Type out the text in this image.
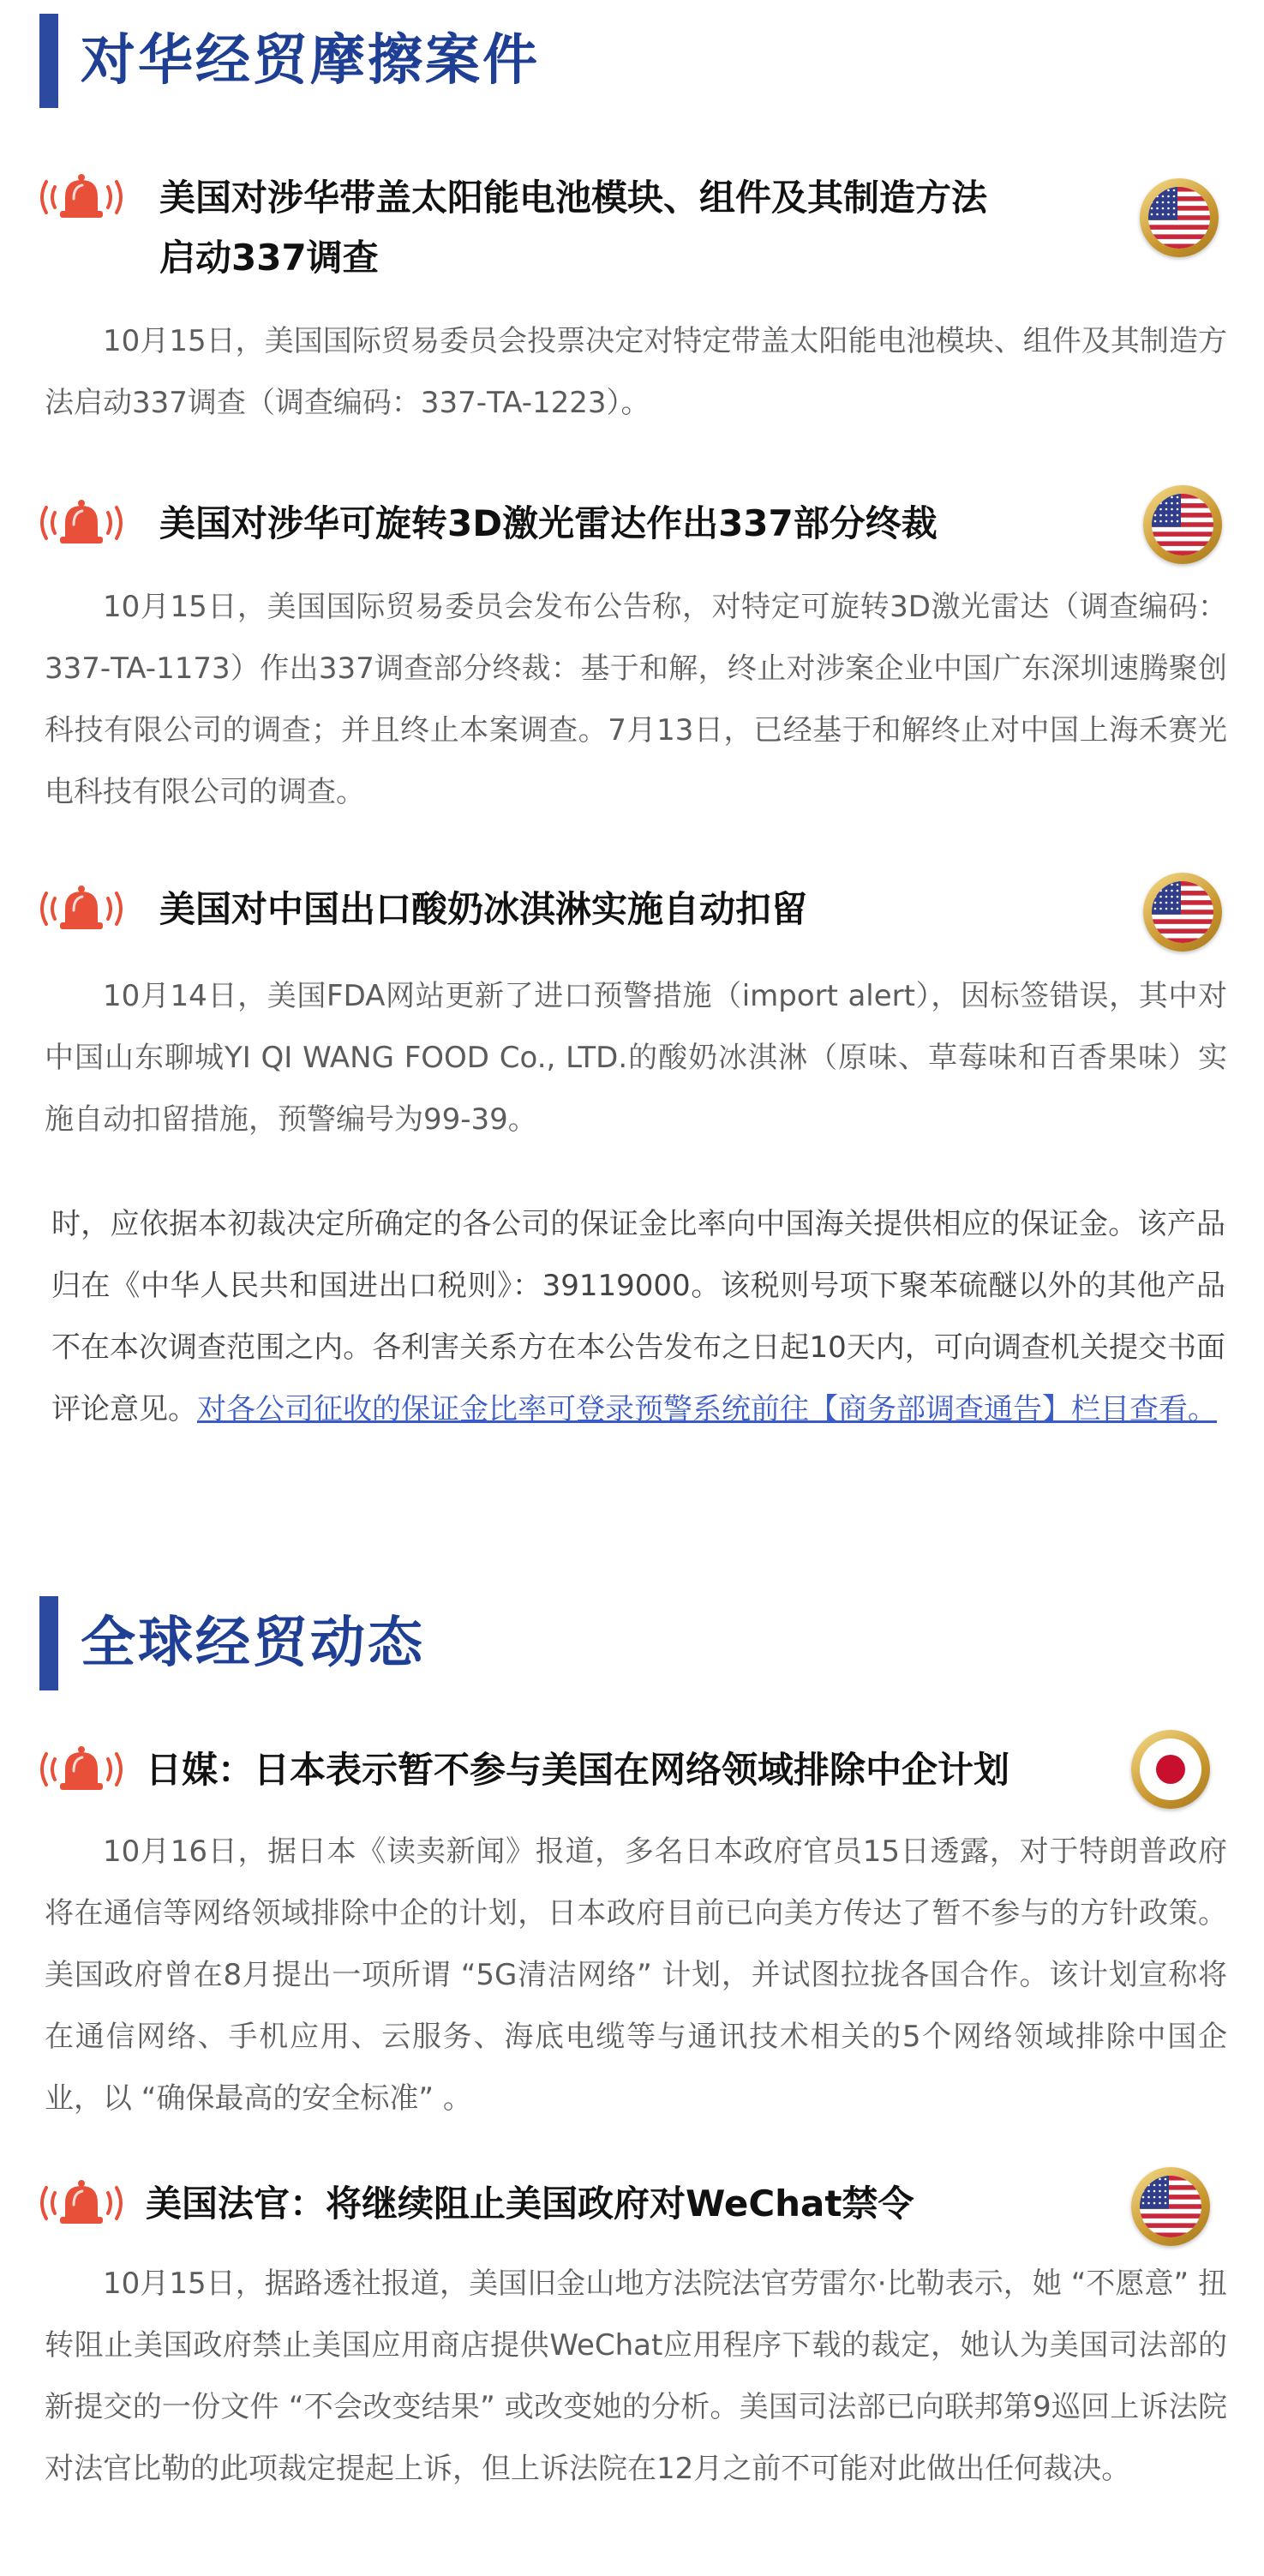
对华经贸摩擦案件
美国对涉华带盖太阳能电池模块、组件及其制造方法
启动337调查
10月15日，美国国际贸易委员会投票决定对特定带盖太阳能电池模块、组件及其制造方法启动337调查（调查编码：337-TA-1223）。
美国对涉华可旋转3D激光雷达作出337部分终裁
10月15日，美国国际贸易委员会发布公告称，对特定可旋转3D激光雷达（调查编码：337-TA-1173）作出337调查部分终裁：基于和解，终止对涉案企业中国广东深圳速腾聚创科技有限公司的调查；并且终止本案调查。7月13日，已经基于和解终止对中国上海禾赛光电科技有限公司的调查。
美国对中国出口酸奶冰淇淋实施自动扣留
10月14日，美国FDA网站更新了进口预警措施（import alert），因标签错误，其中对中国山东聊城YI QI WANG FOOD Co., LTD.的酸奶冰淇淋（原味、草莓味和百香果味）实施自动扣留措施，预警编号为99-39。
时，应依据本初裁决定所确定的各公司的保证金比率向中国海关提供相应的保证金。该产品归在《中华人民共和国进出口税则》：39119000。该税则号项下聚苯硫醚以外的其他产品不在本次调查范围之内。各利害关系方在本公告发布之日起10天内，可向调查机关提交书面评论意见。对各公司征收的保证金比率可登录预警系统前往【商务部调查通告】栏目查看。
全球经贸动态
日媒：日本表示暂不参与美国在网络领域排除中企计划
10月16日，据日本《读卖新闻》报道，多名日本政府官员15日透露，对于特朗普政府将在通信等网络领域排除中企的计划，日本政府目前已向美方传达了暂不参与的方针政策。美国政府曾在8月提出一项所谓 “5G清洁网络” 计划，并试图拉拢各国合作。该计划宣称将在通信网络、手机应用、云服务、海底电缆等与通讯技术相关的5个网络领域排除中国企业，以 “确保最高的安全标准” 。
美国法官：将继续阻止美国政府对WeChat禁令
10月15日，据路透社报道，美国旧金山地方法院法官劳雷尔·比勒表示，她 “不愿意” 扭转阻止美国政府禁止美国应用商店提供WeChat应用程序下载的裁定，她认为美国司法部的新提交的一份文件 “不会改变结果” 或改变她的分析。美国司法部已向联邦第9巡回上诉法院对法官比勒的此项裁定提起上诉，但上诉法院在12月之前不可能对此做出任何裁决。
